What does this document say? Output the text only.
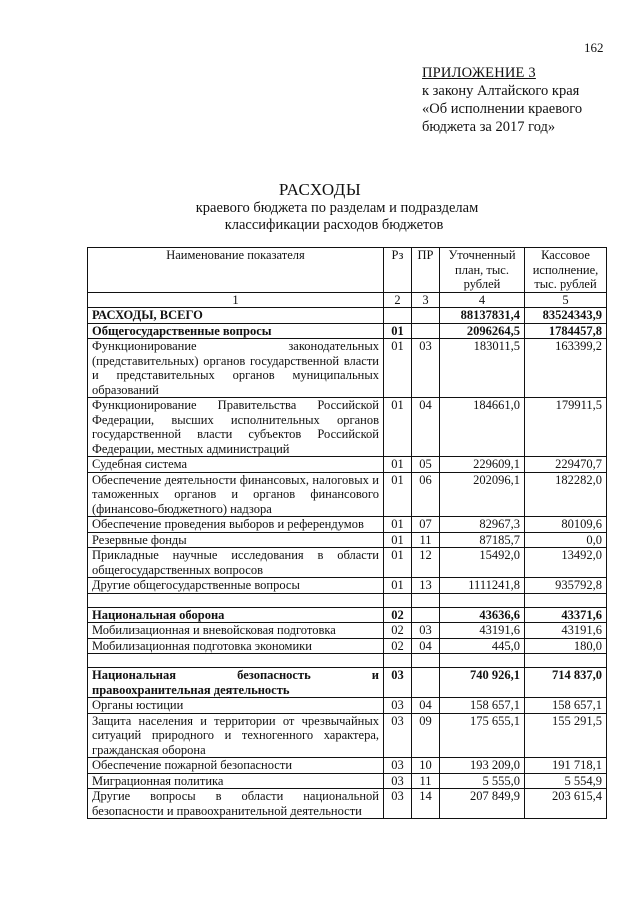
162
ПРИЛОЖЕНИЕ 3
к закону Алтайского края
«Об исполнении краевого
бюджета за 2017 год»
РАСХОДЫ
краевого бюджета по разделам и подразделам
классификации расходов бюджетов
Наименование показателя	Рз	ПР	Уточненный план, тыс. рублей	Кассовое исполнение, тыс. рублей
1	2	3	4	5
РАСХОДЫ, ВСЕГО			88137831,4	83524343,9
Общегосударственные вопросы	01		2096264,5	1784457,8
Функционирование законодательных (представительных) органов государственной власти и представительных органов муниципальных образований	01	03	183011,5	163399,2
Функционирование Правительства Российской Федерации, высших исполнительных органов государственной власти субъектов Российской Федерации, местных администраций	01	04	184661,0	179911,5
Судебная система	01	05	229609,1	229470,7
Обеспечение деятельности финансовых, налоговых и таможенных органов и органов финансового (финансово-бюджетного) надзора	01	06	202096,1	182282,0
Обеспечение проведения выборов и референдумов	01	07	82967,3	80109,6
Резервные фонды	01	11	87185,7	0,0
Прикладные научные исследования в области общегосударственных вопросов	01	12	15492,0	13492,0
Другие общегосударственные вопросы	01	13	1111241,8	935792,8

Национальная оборона	02		43636,6	43371,6
Мобилизационная и вневойсковая подготовка	02	03	43191,6	43191,6
Мобилизационная подготовка экономики	02	04	445,0	180,0

Национальная безопасность и правоохранительная деятельность	03		740 926,1	714 837,0
Органы юстиции	03	04	158 657,1	158 657,1
Защита населения и территории от чрезвычайных ситуаций природного и техногенного характера, гражданская оборона	03	09	175 655,1	155 291,5
Обеспечение пожарной безопасности	03	10	193 209,0	191 718,1
Миграционная политика	03	11	5 555,0	5 554,9
Другие вопросы в области национальной безопасности и правоохранительной деятельности	03	14	207 849,9	203 615,4
